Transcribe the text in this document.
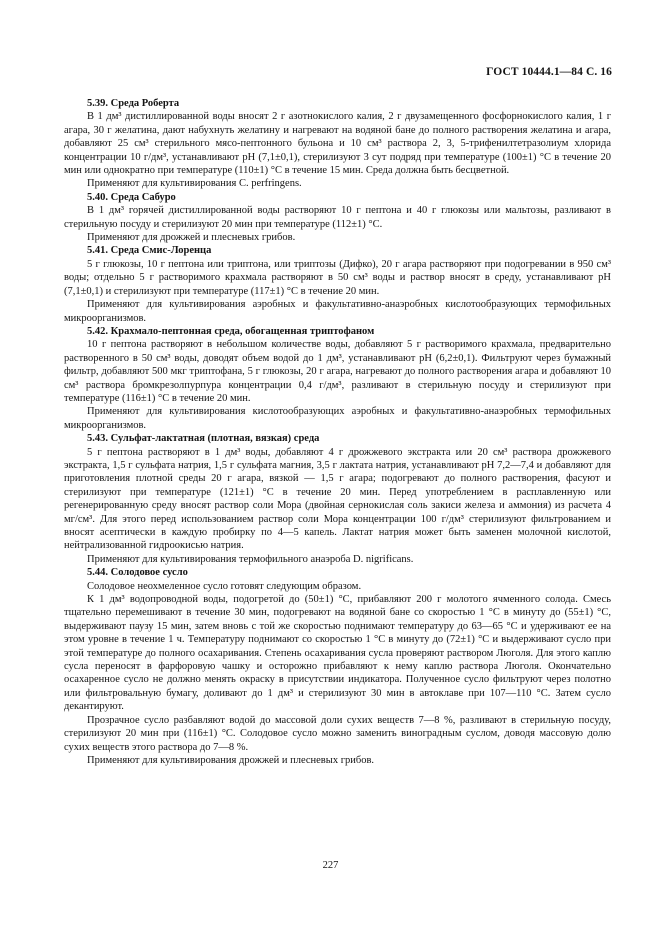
ГОСТ 10444.1—84 С. 16
5.39. Среда Роберта

В 1 дм³ дистиллированной воды вносят 2 г азотнокислого калия, 2 г двузамещенного фосфорнокислого калия, 1 г агара, 30 г желатина, дают набухнуть желатину и нагревают на водяной бане до полного растворения желатина и агара, добавляют 25 см³ стерильного мясо-пептонного бульона и 10 см³ раствора 2, 3, 5-трифенилтетразолиум хлорида концентрации 10 г/дм³, устанавливают pH (7,1±0,1), стерилизуют 3 сут подряд при температуре (100±1) °С в течение 20 мин или однократно при температуре (110±1) °С в течение 15 мин. Среда должна быть бесцветной.

Применяют для культивирования С. perfringens.

5.40. Среда Сабуро

В 1 дм³ горячей дистиллированной воды растворяют 10 г пептона и 40 г глюкозы или мальтозы, разливают в стерильную посуду и стерилизуют 20 мин при температуре (112±1) °С.

Применяют для дрожжей и плесневых грибов.

5.41. Среда Смис-Лоренца

5 г глюкозы, 10 г пептона или триптона, или триптозы (Дифко), 20 г агара растворяют при подогревании в 950 см³ воды; отдельно 5 г растворимого крахмала растворяют в 50 см³ воды и раствор вносят в среду, устанавливают pH (7,1±0,1) и стерилизуют при температуре (117±1) °С в течение 20 мин.

Применяют для культивирования аэробных и факультативно-анаэробных кислотообразующих термофильных микроорганизмов.

5.42. Крахмало-пептонная среда, обогащенная триптофаном

10 г пептона растворяют в небольшом количестве воды, добавляют 5 г растворимого крахмала, предварительно растворенного в 50 см³ воды, доводят объем водой до 1 дм³, устанавливают pH (6,2±0,1). Фильтруют через бумажный фильтр, добавляют 500 мкг триптофана, 5 г глюкозы, 20 г агара, нагревают до полного растворения агара и добавляют 10 см³ раствора бромкрезолпурпура концентрации 0,4 г/дм³, разливают в стерильную посуду и стерилизуют при температуре (116±1) °С в течение 20 мин.

Применяют для культивирования кислотообразующих аэробных и факультативно-анаэробных термофильных микроорганизмов.

5.43. Сульфат-лактатная (плотная, вязкая) среда

5 г пептона растворяют в 1 дм³ воды, добавляют 4 г дрожжевого экстракта или 20 см³ раствора дрожжевого экстракта, 1,5 г сульфата натрия, 1,5 г сульфата магния, 3,5 г лактата натрия, устанавливают pH 7,2—7,4 и добавляют для приготовления плотной среды 20 г агара, вязкой — 1,5 г агара; подогревают до полного растворения, фасуют и стерилизуют при температуре (121±1) °С в течение 20 мин. Перед употреблением в расплавленную или регенерированную среду вносят раствор соли Мора (двойная сернокислая соль закиси железа и аммония) из расчета 4 мг/см³. Для этого перед использованием раствор соли Мора концентрации 100 г/дм³ стерилизуют фильтрованием и вносят асептически в каждую пробирку по 4—5 капель. Лактат натрия может быть заменен молочной кислотой, нейтрализованной гидроокисью натрия.

Применяют для культивирования термофильного анаэроба D. nigrificans.

5.44. Солодовое сусло

Солодовое неохмеленное сусло готовят следующим образом.

К 1 дм³ водопроводной воды, подогретой до (50±1) °С, прибавляют 200 г молотого ячменного солода. Смесь тщательно перемешивают в течение 30 мин, подогревают на водяной бане со скоростью 1 °С в минуту до (55±1) °С, выдерживают паузу 15 мин, затем вновь с той же скоростью поднимают температуру до 63—65 °С и удерживают ее на этом уровне в течение 1 ч. Температуру поднимают со скоростью 1 °С в минуту до (72±1) °С и выдерживают сусло при этой температуре до полного осахаривания. Степень осахаривания сусла проверяют раствором Люголя. Для этого каплю сусла переносят в фарфоровую чашку и осторожно прибавляют к нему каплю раствора Люголя. Окончательно осахаренное сусло не должно менять окраску в присутствии индикатора. Полученное сусло фильтруют через полотно или фильтровальную бумагу, доливают до 1 дм³ и стерилизуют 30 мин в автоклаве при 107—110 °С. Затем сусло декантируют.

Прозрачное сусло разбавляют водой до массовой доли сухих веществ 7—8 %, разливают в стерильную посуду, стерилизуют 20 мин при (116±1) °С. Солодовое сусло можно заменить виноградным суслом, доводя массовую долю сухих веществ этого раствора до 7—8 %.

Применяют для культивирования дрожжей и плесневых грибов.

227
